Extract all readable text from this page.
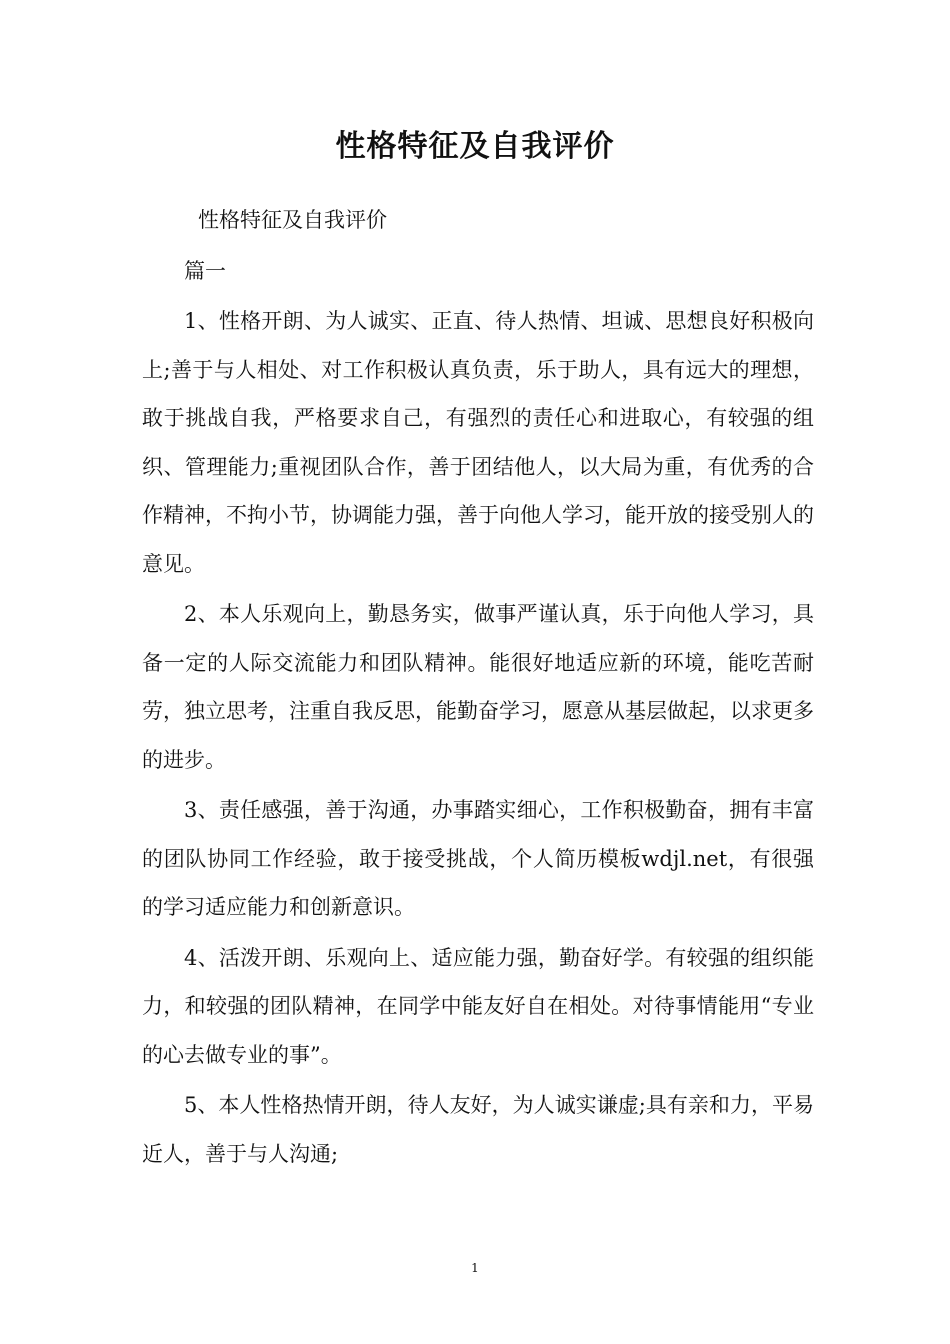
性格特征及自我评价

性格特征及自我评价

篇一

1、性格开朗、为人诚实、正直、待人热情、坦诚、思想良好积极向上;善于与人相处、对工作积极认真负责，乐于助人，具有远大的理想，敢于挑战自我，严格要求自己，有强烈的责任心和进取心，有较强的组织、管理能力;重视团队合作，善于团结他人，以大局为重，有优秀的合作精神，不拘小节，协调能力强，善于向他人学习，能开放的接受别人的意见。

2、本人乐观向上，勤恳务实，做事严谨认真，乐于向他人学习，具备一定的人际交流能力和团队精神。能很好地适应新的环境，能吃苦耐劳，独立思考，注重自我反思，能勤奋学习，愿意从基层做起，以求更多的进步。

3、责任感强，善于沟通，办事踏实细心，工作积极勤奋，拥有丰富的团队协同工作经验，敢于接受挑战，个人简历模板wdjl.net，有很强的学习适应能力和创新意识。

4、活泼开朗、乐观向上、适应能力强，勤奋好学。有较强的组织能力，和较强的团队精神，在同学中能友好自在相处。对待事情能用“专业的心去做专业的事”。

5、本人性格热情开朗，待人友好，为人诚实谦虚;具有亲和力，平易近人，善于与人沟通;

1
